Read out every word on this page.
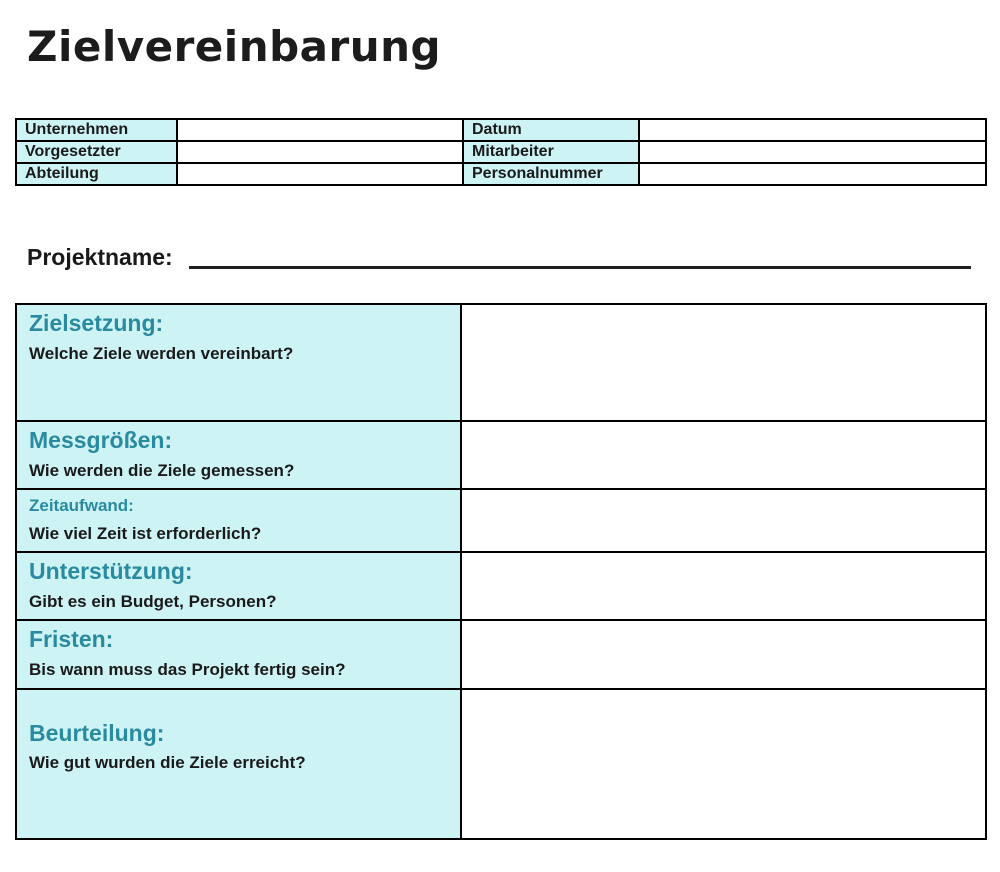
Zielvereinbarung
Unternehmen		Datum	
Vorgesetzter		Mitarbeiter	
Abteilung		Personalnummer	
Projektname:
Zielsetzung:
Welche Ziele werden vereinbart?	

Messgrößen:
Wie werden die Ziele gemessen?	

Zeitaufwand:
Wie viel Zeit ist erforderlich?	

Unterstützung:
Gibt es ein Budget, Personen?	

Fristen:
Bis wann muss das Projekt fertig sein?	

Beurteilung:
Wie gut wurden die Ziele erreicht?	
